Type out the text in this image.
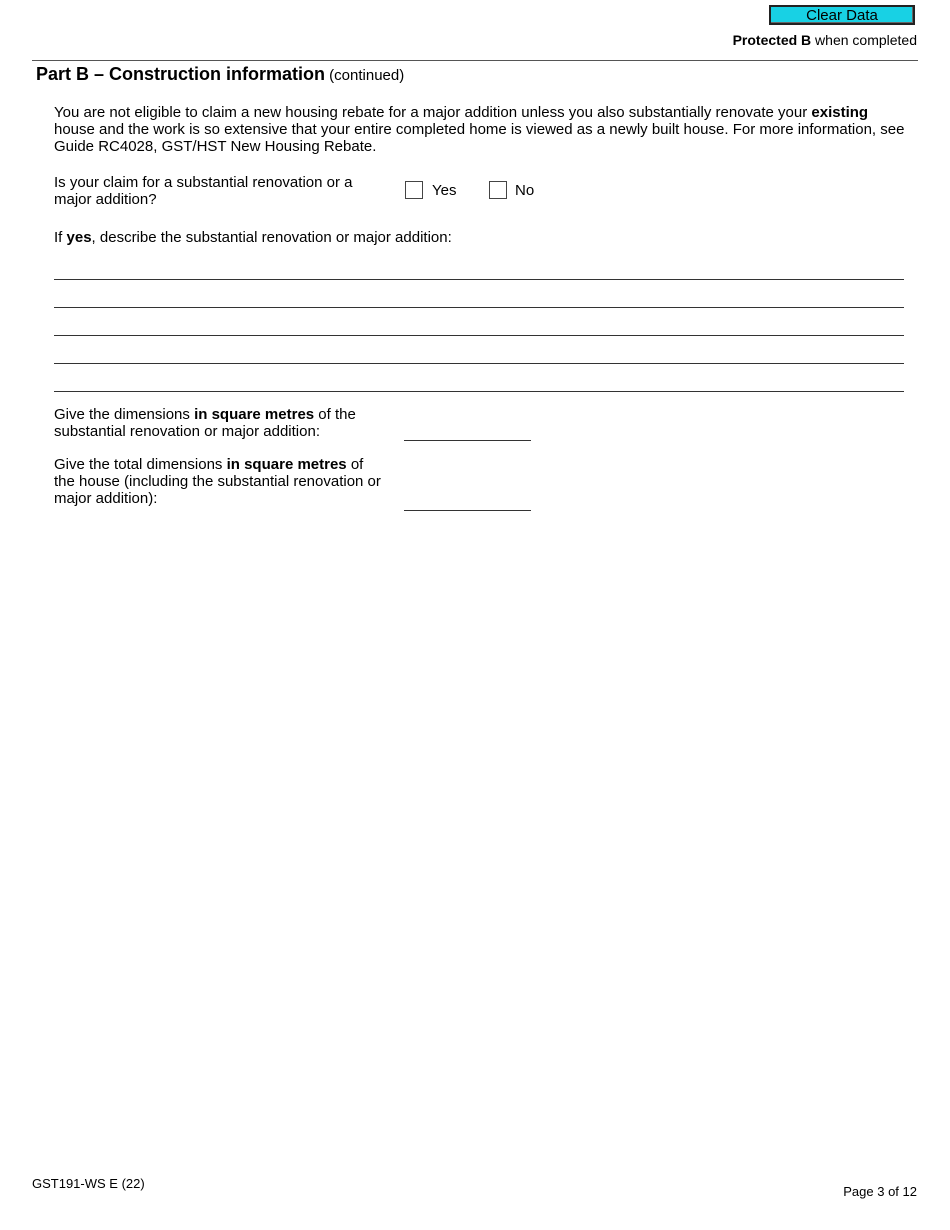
Clear Data
Protected B when completed
Part B – Construction information (continued)

You are not eligible to claim a new housing rebate for a major addition unless you also substantially renovate your existing house and the work is so extensive that your entire completed home is viewed as a newly built house. For more information, see Guide RC4028, GST/HST New Housing Rebate.

Is your claim for a substantial renovation or a major addition?

Yes	No

If yes, describe the substantial renovation or major addition:

Give the dimensions in square metres of the substantial renovation or major addition:

Give the total dimensions in square metres of the house (including the substantial renovation or major addition):

GST191-WS E (22)
Page 3 of 12
